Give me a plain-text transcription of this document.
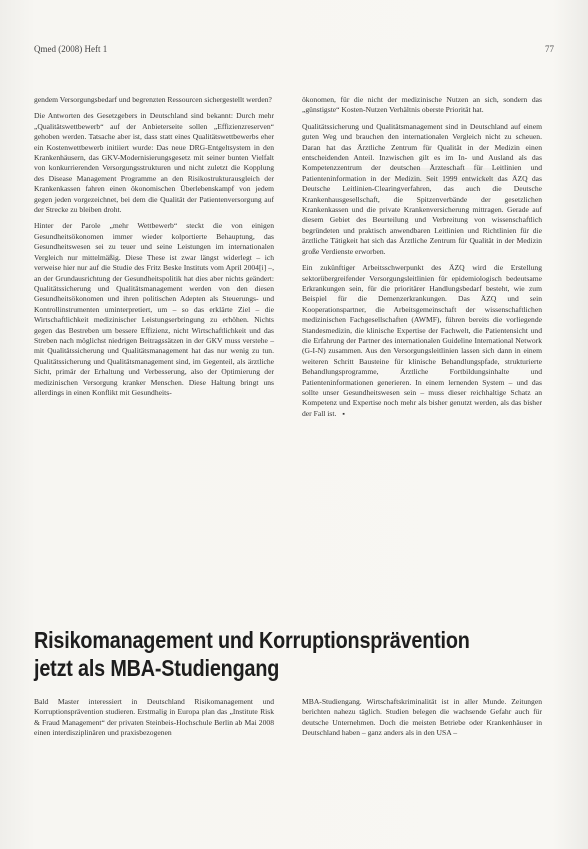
Qmed (2008) Heft 1	77

gendem Versorgungsbedarf und begrenzten Ressourcen sichergestellt werden?

Die Antworten des Gesetzgebers in Deutschland sind bekannt: Durch mehr „Qualitätswettbewerb“ auf der Anbieterseite sollen „Effizienzreserven“ gehoben werden. Tatsache aber ist, dass statt eines Qualitätswettbewerbs eher ein Kostenwettbewerb initiiert wurde: Das neue DRG-Entgeltsystem in den Krankenhäusern, das GKV-Modernisierungsgesetz mit seiner bunten Vielfalt von konkurrierenden Versorgungsstrukturen und nicht zuletzt die Kopplung des Disease Management Programme an den Risikostrukturausgleich der Krankenkassen fahren einen ökonomischen Überlebenskampf von jedem gegen jeden vorgezeichnet, bei dem die Qualität der Patientenversorgung auf der Strecke zu bleiben droht.

Hinter der Parole „mehr Wettbewerb“ steckt die von einigen Gesundheitsökonomen immer wieder kolportierte Behauptung, das Gesundheitswesen sei zu teuer und seine Leistungen im internationalen Vergleich nur mittelmäßig. Diese These ist zwar längst widerlegt – ich verweise hier nur auf die Studie des Fritz Beske Instituts vom April 2004[i] –, an der Grundausrichtung der Gesundheitspolitik hat dies aber nichts geändert: Qualitätssicherung und Qualitätsmanagement werden von den diesen Gesundheitsökonomen und ihren politischen Adepten als Steuerungs- und Kontrollinstrumenten uminterpretiert, um – so das erklärte Ziel – die Wirtschaftlichkeit medizinischer Leistungserbringung zu erhöhen. Nichts gegen das Bestreben um bessere Effizienz, nicht Wirtschaftlichkeit und das Streben nach möglichst niedrigen Beitragssätzen in der GKV muss verstehe – mit Qualitätssicherung und Qualitätsmanagement hat das nur wenig zu tun. Qualitätssicherung und Qualitätsmanagement sind, im Gegenteil, als ärztliche Sicht, primär der Erhaltung und Verbesserung, also der Optimierung der medizinischen Versorgung kranker Menschen. Diese Haltung bringt uns allerdings in einen Konflikt mit Gesundheits-

ökonomen, für die nicht der medizinische Nutzen an sich, sondern das „günstigste“ Kosten-Nutzen Verhältnis oberste Priorität hat.

Qualitätssicherung und Qualitätsmanagement sind in Deutschland auf einem guten Weg und brauchen den internationalen Vergleich nicht zu scheuen. Daran hat das Ärztliche Zentrum für Qualität in der Medizin einen entscheidenden Anteil. Inzwischen gilt es im In- und Ausland als das Kompetenzzentrum der deutschen Ärzteschaft für Leitlinien und Patienteninformation in der Medizin. Seit 1999 entwickelt das ÄZQ das Deutsche Leitlinien-Clearingverfahren, das auch die Deutsche Krankenhausgesellschaft, die Spitzenverbände der gesetzlichen Krankenkassen und die private Krankenversicherung mittragen. Gerade auf diesem Gebiet des Beurteilung und Verbreitung von wissenschaftlich begründeten und praktisch anwendbaren Leitlinien und Richtlinien für die ärztliche Tätigkeit hat sich das Ärztliche Zentrum für Qualität in der Medizin große Verdienste erworben.

Ein zukünftiger Arbeitsschwerpunkt des ÄZQ wird die Erstellung sektorübergreifender Versorgungsleitlinien für epidemiologisch bedeutsame Erkrankungen sein, für die prioritärer Handlungsbedarf besteht, wie zum Beispiel für die Demenzerkrankungen. Das ÄZQ und sein Kooperationspartner, die Arbeitsgemeinschaft der wissenschaftlichen medizinischen Fachgesellschaften (AWMF), führen bereits die vorliegende Standesmedizin, die klinische Expertise der Fachwelt, die Patientensicht und die Erfahrung der Partner des internationalen Guideline International Network (G-I-N) zusammen. Aus den Versorgungsleitlinien lassen sich dann in einem weiteren Schritt Bausteine für klinische Behandlungspfade, strukturierte Behandlungsprogramme, Ärztliche Fortbildungsinhalte und Patienteninformationen generieren. In einem lernenden System – und das sollte unser Gesundheitswesen sein – muss dieser reichhaltige Schatz an Kompetenz und Expertise noch mehr als bisher genutzt werden, als das bisher der Fall ist. ▪

Risikomanagement und Korruptionsprävention jetzt als MBA-Studiengang
Bald Master interessiert in Deutschland Risikomanagement und Korruptionsprävention studieren. Erstmalig in Europa plan das „Institute Risk & Fraud Management“ der privaten Steinbeis-Hochschule Berlin ab Mai 2008 einen interdisziplinären und praxisbezogenen
MBA-Studiengang. Wirtschaftskriminalität ist in aller Munde. Zeitungen berichten nahezu täglich. Studien belegen die wachsende Gefahr auch für deutsche Unternehmen. Doch die meisten Betriebe oder Krankenhäuser in Deutschland haben – ganz anders als in den USA –
